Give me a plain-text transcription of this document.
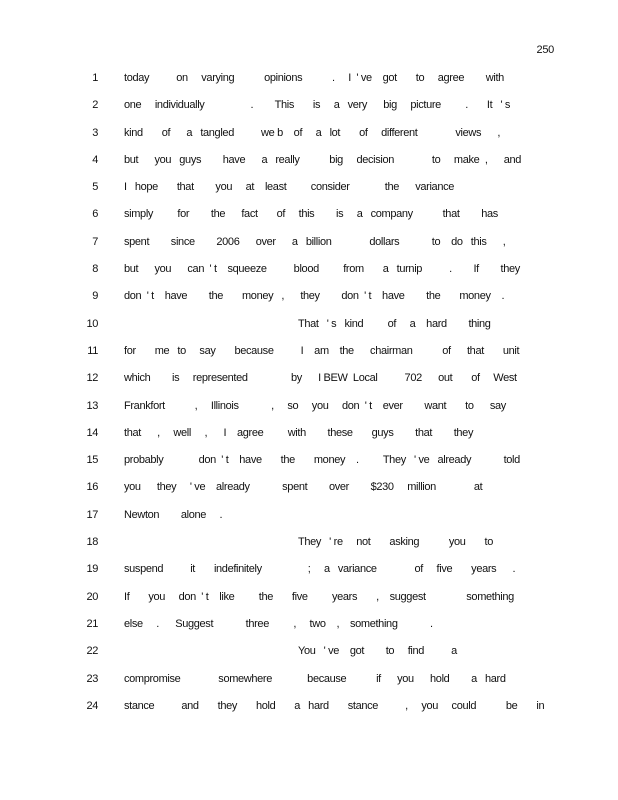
250
1 today          on     varying           opinions           .     I  ' ve    got       to     agree        with
2 one     individually                 .        This       is     a   very      big     picture         .       It   ' s
3 kind       of      a   tangled          we b    of     a   lot       of     different              views      ,
4 but      you   guys        have      a   really           big     decision              to     make  ,      and
5 I   hope       that        you     at    least         consider             the      variance
6 simply         for        the      fact       of     this        is     a   company           that        has
7 spent        since        2006      over      a   billion              dollars            to    do   this      ,
8 but      you      can  ' t    squeeze          blood         from       a   turnip          .        If        they
9 don  ' t    have        the       money   ,      they        don  ' t    have        the       money    .
10	That   ' s   kind         of     a    hard        thing
11 for       me   to     say       because          I    am    the      chairman           of      that       unit
12 which        is     represented                by      I BEW  Local          702      out       of     West
13 Frankfort           ,     Illinois            ,     so     you     don  ' t    ever        want       to      say
14 that      ,     well     ,      I    agree         with        these       guys        that        they
15 probably             don  ' t    have       the       money    .         They   ' ve   already            told
16 you      they     ' ve    already            spent        over        $230     million              at
17 Newton        alone     .
18	They   ' re     not       asking           you       to
19 suspend          it       indefinitely                 ;     a   variance              of     five       years      .
20 If       you     don  ' t    like         the       five         years       ,    suggest               something
21 else     .      Suggest            three         ,     two    ,    something            .
22	You   ' ve    got        to     find          a
23 compromise              somewhere             because           if      you      hold        a   hard
24 stance          and       they       hold       a   hard       stance          ,     you     could           be       in
